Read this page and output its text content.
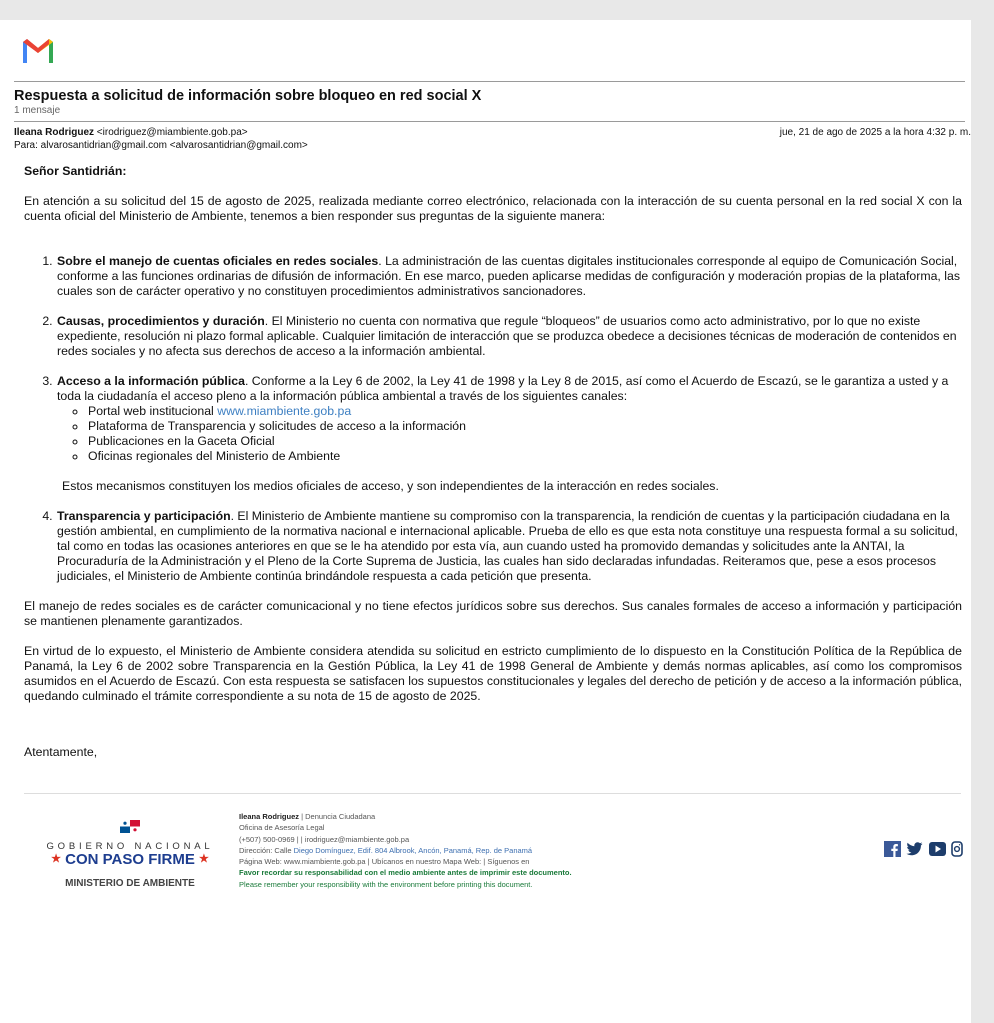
Respuesta a solicitud de información sobre bloqueo en red social X
1 mensaje
Ileana Rodriguez <irodriguez@miambiente.gob.pa>
Para: alvarosantidrian@gmail.com <alvarosantidrian@gmail.com>
jue, 21 de ago de 2025 a la hora 4:32 p. m.

Señor Santidrián:

En atención a su solicitud del 15 de agosto de 2025, realizada mediante correo electrónico, relacionada con la interacción de su cuenta personal en la red social X con la cuenta oficial del Ministerio de Ambiente, tenemos a bien responder sus preguntas de la siguiente manera:

1. Sobre el manejo de cuentas oficiales en redes sociales. La administración de las cuentas digitales institucionales corresponde al equipo de Comunicación Social, conforme a las funciones ordinarias de difusión de información. En ese marco, pueden aplicarse medidas de configuración y moderación propias de la plataforma, las cuales son de carácter operativo y no constituyen procedimientos administrativos sancionadores.
2. Causas, procedimientos y duración. El Ministerio no cuenta con normativa que regule “bloqueos” de usuarios como acto administrativo, por lo que no existe expediente, resolución ni plazo formal aplicable. Cualquier limitación de interacción que se produzca obedece a decisiones técnicas de moderación de contenidos en redes sociales y no afecta sus derechos de acceso a la información ambiental.
3. Acceso a la información pública. Conforme a la Ley 6 de 2002, la Ley 41 de 1998 y la Ley 8 de 2015, así como el Acuerdo de Escazú, se le garantiza a usted y a toda la ciudadanía el acceso pleno a la información pública ambiental a través de los siguientes canales:
◦ Portal web institucional www.miambiente.gob.pa
◦ Plataforma de Transparencia y solicitudes de acceso a la información
◦ Publicaciones en la Gaceta Oficial
◦ Oficinas regionales del Ministerio de Ambiente

Estos mecanismos constituyen los medios oficiales de acceso, y son independientes de la interacción en redes sociales.

4. Transparencia y participación. El Ministerio de Ambiente mantiene su compromiso con la transparencia, la rendición de cuentas y la participación ciudadana en la gestión ambiental, en cumplimiento de la normativa nacional e internacional aplicable. Prueba de ello es que esta nota constituye una respuesta formal a su solicitud, tal como en todas las ocasiones anteriores en que se le ha atendido por esta vía, aun cuando usted ha promovido demandas y solicitudes ante la ANTAI, la Procuraduría de la Administración y el Pleno de la Corte Suprema de Justicia, las cuales han sido declaradas infundadas. Reiteramos que, pese a esos procesos judiciales, el Ministerio de Ambiente continúa brindándole respuesta a cada petición que presenta.

El manejo de redes sociales es de carácter comunicacional y no tiene efectos jurídicos sobre sus derechos. Sus canales formales de acceso a información y participación se mantienen plenamente garantizados.

En virtud de lo expuesto, el Ministerio de Ambiente considera atendida su solicitud en estricto cumplimiento de lo dispuesto en la Constitución Política de la República de Panamá, la Ley 6 de 2002 sobre Transparencia en la Gestión Pública, la Ley 41 de 1998 General de Ambiente y demás normas aplicables, así como los compromisos asumidos en el Acuerdo de Escazú. Con esta respuesta se satisfacen los supuestos constitucionales y legales del derecho de petición y de acceso a la información pública, quedando culminado el trámite correspondiente a su nota de 15 de agosto de 2025.

Atentamente,

GOBIERNO NACIONAL
★ CON PASO FIRME ★
MINISTERIO DE AMBIENTE
Ileana Rodriguez | Denuncia Ciudadana
Oficina de Asesoría Legal
(+507) 500-0969 | | irodriguez@miambiente.gob.pa
Dirección: Calle Diego Domínguez, Edif. 804 Albrook, Ancón, Panamá, Rep. de Panamá
Página Web: www.miambiente.gob.pa | Ubícanos en nuestro Mapa Web: | Síguenos en
Favor recordar su responsabilidad con el medio ambiente antes de imprimir este documento.
Please remember your responsibility with the environment before printing this document.
